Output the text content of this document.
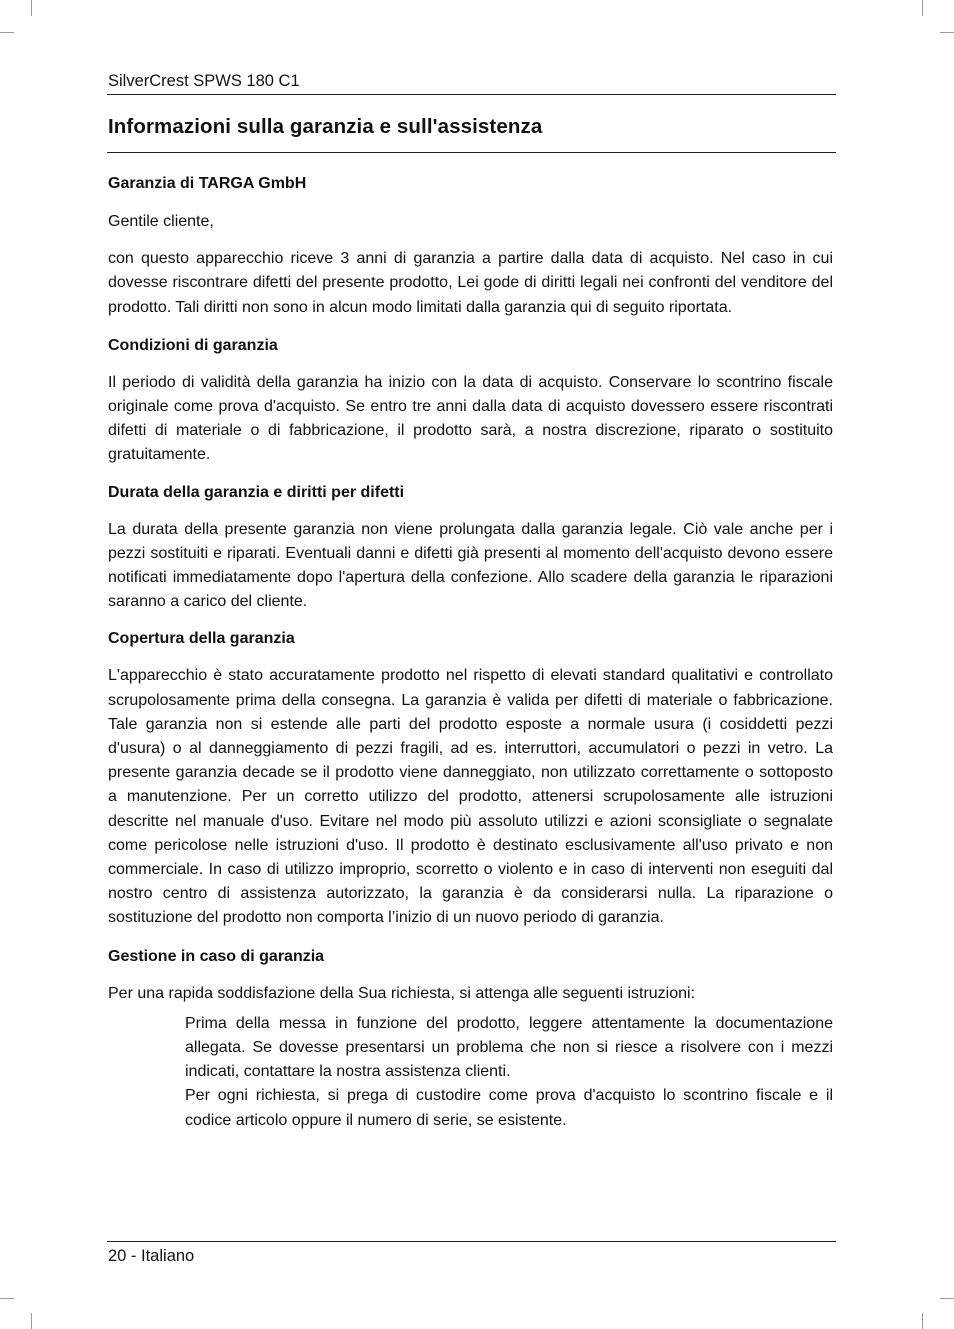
SilverCrest SPWS 180 C1
Informazioni sulla garanzia e sull'assistenza
Garanzia di TARGA GmbH

Gentile cliente,

con questo apparecchio riceve 3 anni di garanzia a partire dalla data di acquisto. Nel caso in cui dovesse riscontrare difetti del presente prodotto, Lei gode di diritti legali nei confronti del venditore del prodotto. Tali diritti non sono in alcun modo limitati dalla garanzia qui di seguito riportata.

Condizioni di garanzia

Il periodo di validità della garanzia ha inizio con la data di acquisto. Conservare lo scontrino fiscale originale come prova d'acquisto. Se entro tre anni dalla data di acquisto dovessero essere riscontrati difetti di materiale o di fabbricazione, il prodotto sarà, a nostra discrezione, riparato o sostituito gratuitamente.

Durata della garanzia e diritti per difetti

La durata della presente garanzia non viene prolungata dalla garanzia legale. Ciò vale anche per i pezzi sostituiti e riparati. Eventuali danni e difetti già presenti al momento dell'acquisto devono essere notificati immediatamente dopo l'apertura della confezione. Allo scadere della garanzia le riparazioni saranno a carico del cliente.

Copertura della garanzia

L'apparecchio è stato accuratamente prodotto nel rispetto di elevati standard qualitativi e controllato scrupolosamente prima della consegna. La garanzia è valida per difetti di materiale o fabbricazione. Tale garanzia non si estende alle parti del prodotto esposte a normale usura (i cosiddetti pezzi d'usura) o al danneggiamento di pezzi fragili, ad es. interruttori, accumulatori o pezzi in vetro. La presente garanzia decade se il prodotto viene danneggiato, non utilizzato correttamente o sottoposto a manutenzione. Per un corretto utilizzo del prodotto, attenersi scrupolosamente alle istruzioni descritte nel manuale d'uso. Evitare nel modo più assoluto utilizzi e azioni sconsigliate o segnalate come pericolose nelle istruzioni d'uso. Il prodotto è destinato esclusivamente all'uso privato e non commerciale. In caso di utilizzo improprio, scorretto o violento e in caso di interventi non eseguiti dal nostro centro di assistenza autorizzato, la garanzia è da considerarsi nulla. La riparazione o sostituzione del prodotto non comporta l’inizio di un nuovo periodo di garanzia.

Gestione in caso di garanzia

Per una rapida soddisfazione della Sua richiesta, si attenga alle seguenti istruzioni:

Prima della messa in funzione del prodotto, leggere attentamente la documentazione allegata. Se dovesse presentarsi un problema che non si riesce a risolvere con i mezzi indicati, contattare la nostra assistenza clienti.

Per ogni richiesta, si prega di custodire come prova d'acquisto lo scontrino fiscale e il codice articolo oppure il numero di serie, se esistente.

20 - Italiano
